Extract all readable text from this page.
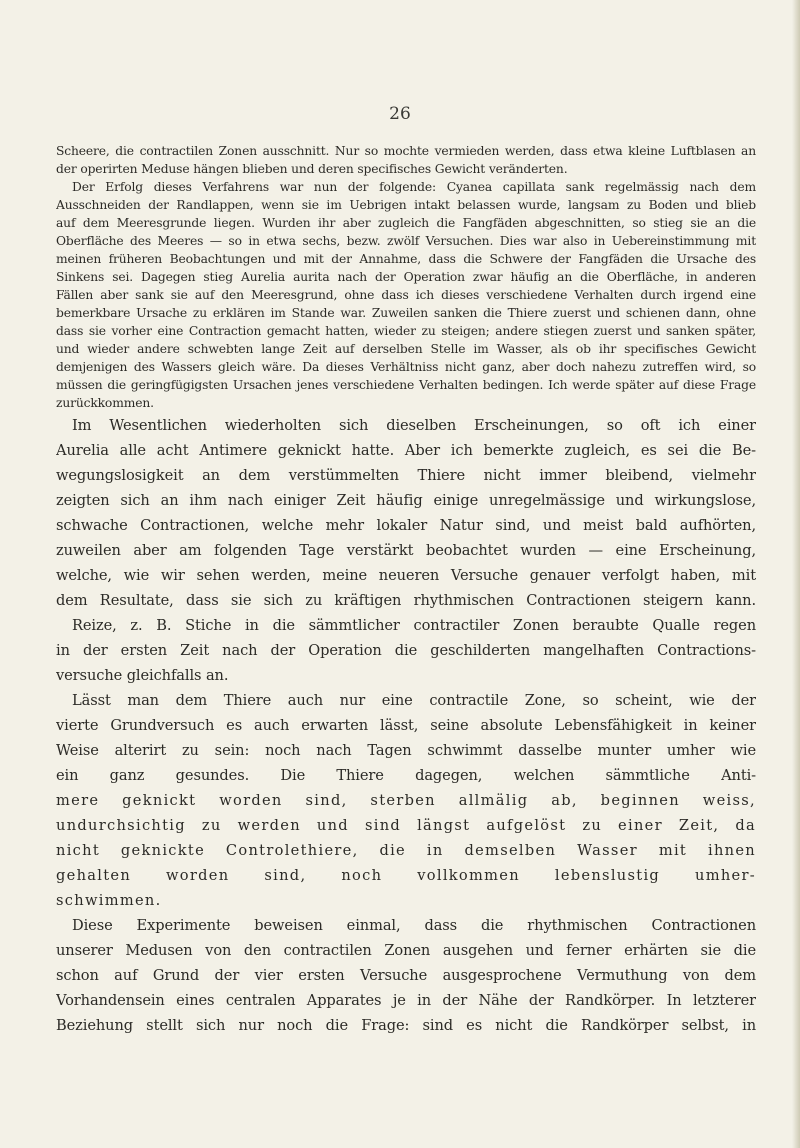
26
Scheere, die contractilen Zonen ausschnitt. Nur so mochte vermieden werden, dass etwa kleine Luftblasen an
der operirten Meduse hängen blieben und deren specifisches Gewicht veränderten.
Der Erfolg dieses Verfahrens war nun der folgende: Cyanea capillata sank regelmässig nach dem
Ausschneiden der Randlappen, wenn sie im Uebrigen intakt belassen wurde, langsam zu Boden und blieb
auf dem Meeresgrunde liegen. Wurden ihr aber zugleich die Fangfäden abgeschnitten, so stieg sie an die
Oberfläche des Meeres — so in etwa sechs, bezw. zwölf Versuchen. Dies war also in Uebereinstimmung mit
meinen früheren Beobachtungen und mit der Annahme, dass die Schwere der Fangfäden die Ursache des
Sinkens sei. Dagegen stieg Aurelia aurita nach der Operation zwar häufig an die Oberfläche, in anderen
Fällen aber sank sie auf den Meeresgrund, ohne dass ich dieses verschiedene Verhalten durch irgend eine
bemerkbare Ursache zu erklären im Stande war. Zuweilen sanken die Thiere zuerst und schienen dann, ohne
dass sie vorher eine Contraction gemacht hatten, wieder zu steigen; andere stiegen zuerst und sanken später,
und wieder andere schwebten lange Zeit auf derselben Stelle im Wasser, als ob ihr specifisches Gewicht
demjenigen des Wassers gleich wäre. Da dieses Verhältniss nicht ganz, aber doch nahezu zutreffen wird, so
müssen die geringfügigsten Ursachen jenes verschiedene Verhalten bedingen. Ich werde später auf diese Frage
zurückkommen.
Im Wesentlichen wiederholten sich dieselben Erscheinungen, so oft ich einer
Aurelia alle acht Antimere geknickt hatte. Aber ich bemerkte zugleich, es sei die Be-
wegungslosigkeit an dem verstümmelten Thiere nicht immer bleibend, vielmehr
zeigten sich an ihm nach einiger Zeit häufig einige unregelmässige und wirkungslose,
schwache Contractionen, welche mehr lokaler Natur sind, und meist bald aufhörten,
zuweilen aber am folgenden Tage verstärkt beobachtet wurden — eine Erscheinung,
welche, wie wir sehen werden, meine neueren Versuche genauer verfolgt haben, mit
dem Resultate, dass sie sich zu kräftigen rhythmischen Contractionen steigern kann.
Reize, z. B. Stiche in die sämmtlicher contractiler Zonen beraubte Qualle regen
in der ersten Zeit nach der Operation die geschilderten mangelhaften Contractions-
versuche gleichfalls an.
Lässt man dem Thiere auch nur eine contractile Zone, so scheint, wie der
vierte Grundversuch es auch erwarten lässt, seine absolute Lebensfähigkeit in keiner
Weise alterirt zu sein: noch nach Tagen schwimmt dasselbe munter umher wie
ein ganz gesundes. Die Thiere dagegen, welchen sämmtliche Anti-
mere geknickt worden sind, sterben allmälig ab, beginnen weiss,
undurchsichtig zu werden und sind längst aufgelöst zu einer Zeit, da
nicht geknickte Controlethiere, die in demselben Wasser mit ihnen
gehalten worden sind, noch vollkommen lebenslustig umher-
schwimmen.
Diese Experimente beweisen einmal, dass die rhythmischen Contractionen
unserer Medusen von den contractilen Zonen ausgehen und ferner erhärten sie die
schon auf Grund der vier ersten Versuche ausgesprochene Vermuthung von dem
Vorhandensein eines centralen Apparates je in der Nähe der Randkörper. In letzterer
Beziehung stellt sich nur noch die Frage: sind es nicht die Randkörper selbst, in
